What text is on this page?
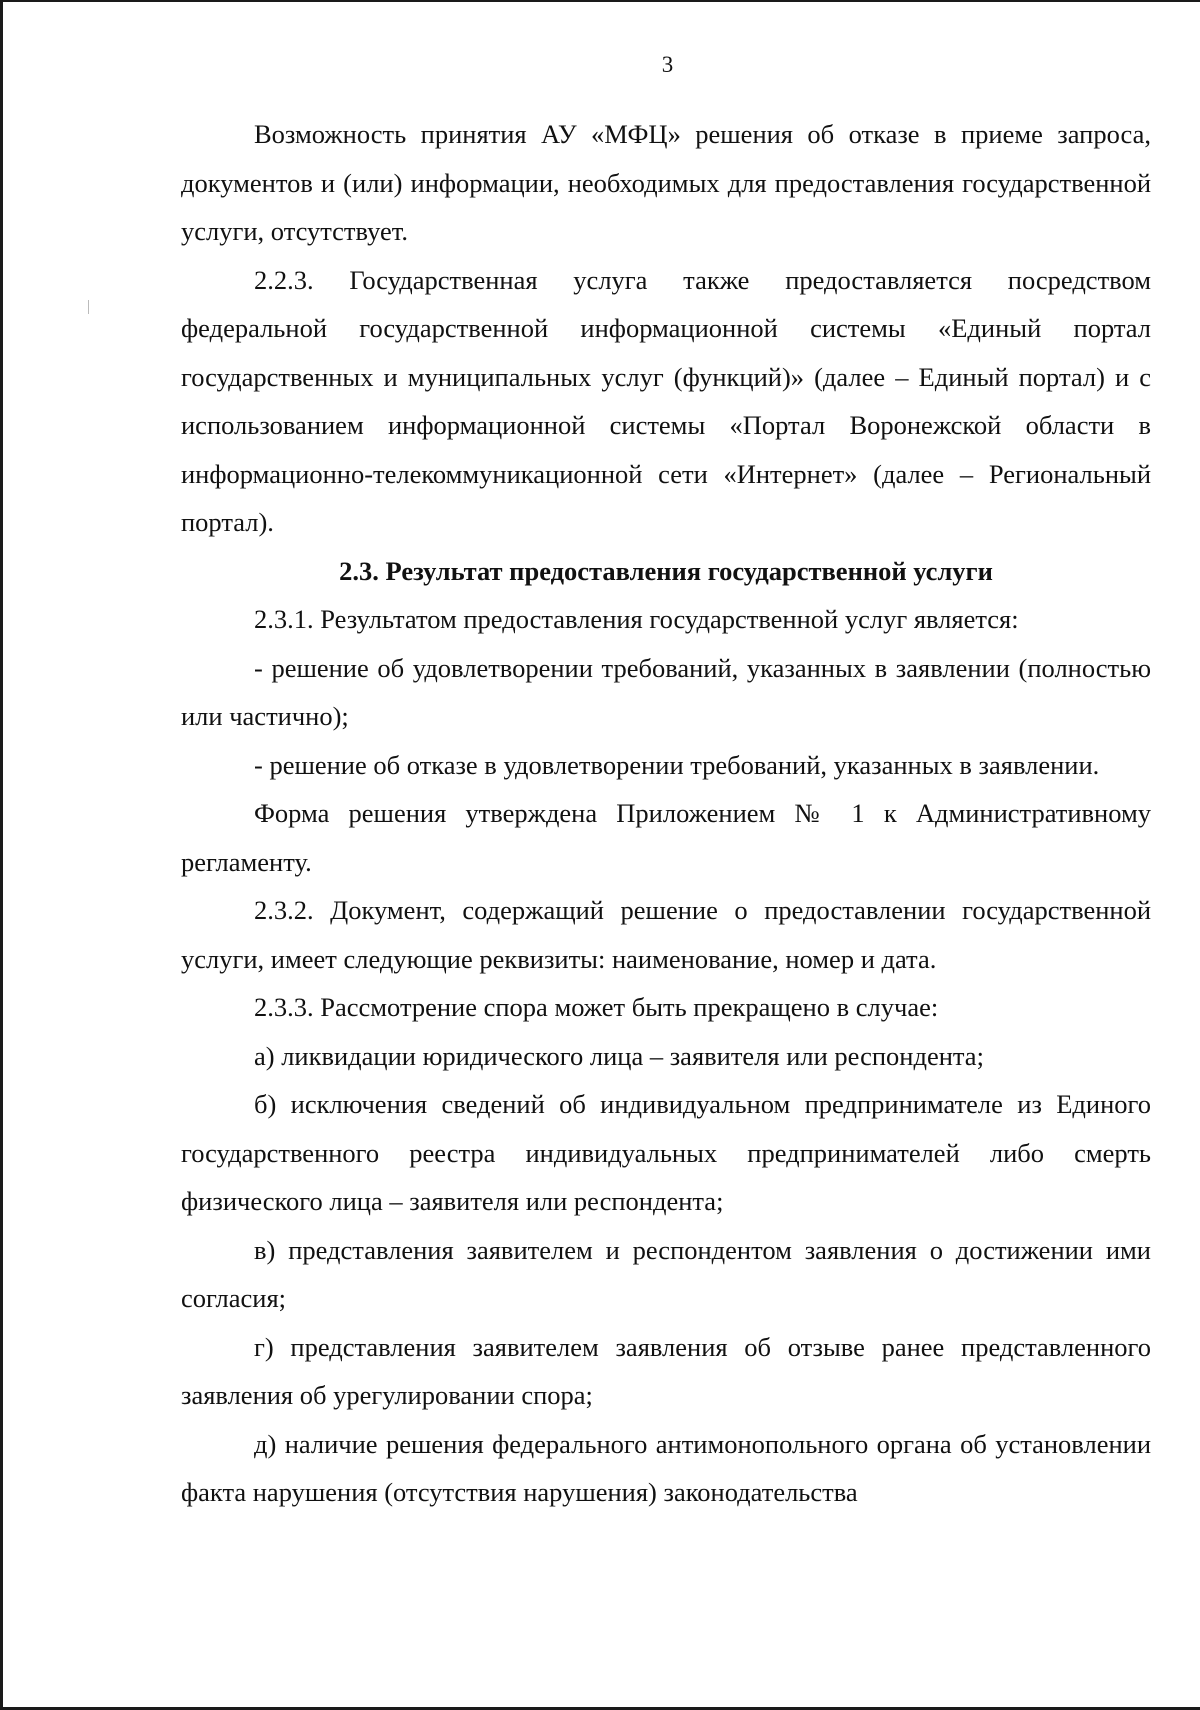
3

Возможность принятия АУ «МФЦ» решения об отказе в приеме запроса, документов и (или) информации, необходимых для предоставления государственной услуги, отсутствует.

2.2.3. Государственная услуга также предоставляется посредством федеральной государственной информационной системы «Единый портал государственных и муниципальных услуг (функций)» (далее – Единый портал) и с использованием информационной системы «Портал Воронежской области в информационно-телекоммуникационной сети «Интернет» (далее – Региональный портал).

2.3. Результат предоставления государственной услуги

2.3.1. Результатом предоставления государственной услуг является:

- решение об удовлетворении требований, указанных в заявлении (полностью или частично);

- решение об отказе в удовлетворении требований, указанных в заявлении.

Форма решения утверждена Приложением № 1 к Административному регламенту.

2.3.2. Документ, содержащий решение о предоставлении государственной услуги, имеет следующие реквизиты: наименование, номер и дата.

2.3.3. Рассмотрение спора может быть прекращено в случае:

а) ликвидации юридического лица – заявителя или респондента;

б) исключения сведений об индивидуальном предпринимателе из Единого государственного реестра индивидуальных предпринимателей либо смерть физического лица – заявителя или респондента;

в) представления заявителем и респондентом заявления о достижении ими согласия;

г) представления заявителем заявления об отзыве ранее представленного заявления об урегулировании спора;

д) наличие решения федерального антимонопольного органа об установлении факта нарушения (отсутствия нарушения) законодательства
